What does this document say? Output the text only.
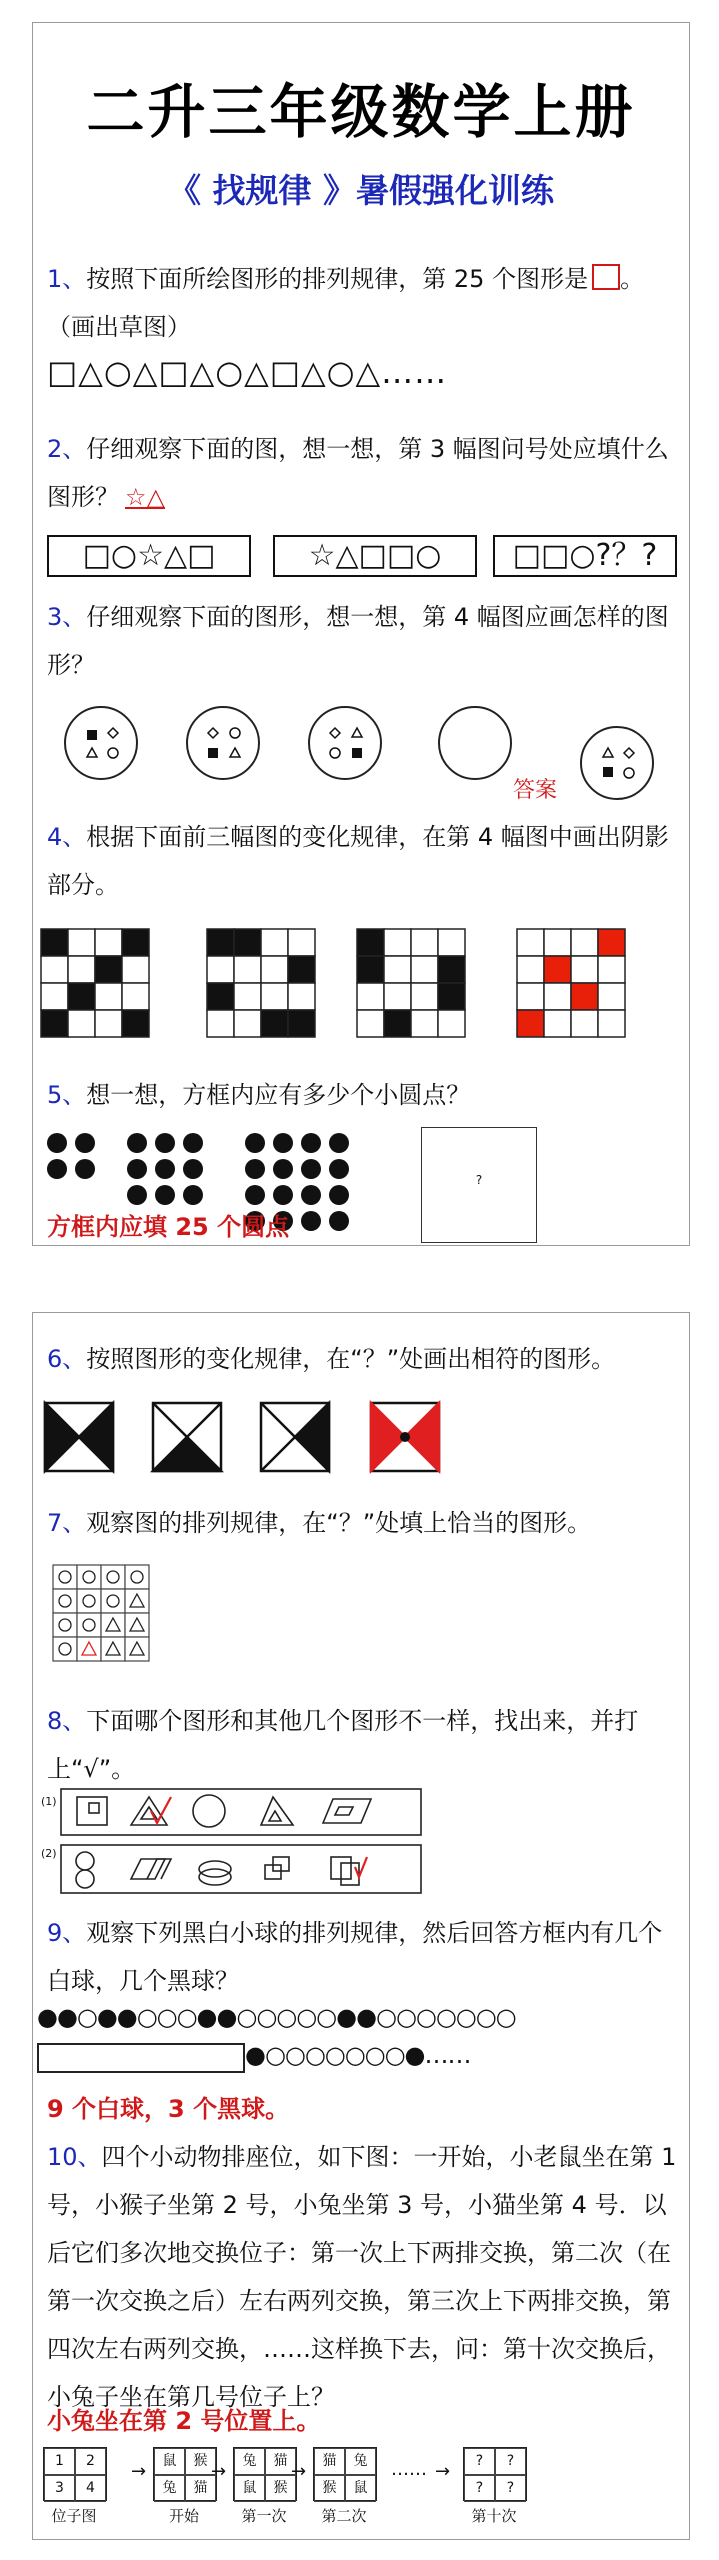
二升三年级数学上册
《 找规律 》暑假强化训练
1、按照下面所绘图形的排列规律，第 25 个图形是 。
（画出草图）
□△○△□△○△□△○△……
2、仔细观察下面的图，想一想，第 3 幅图问号处应填什么图形？ ☆△
□○☆△□	☆△□□○	□□○?？?
3、仔细观察下面的图形，想一想，第 4 幅图应画怎样的图形？
答案
4、根据下面前三幅图的变化规律，在第 4 幅图中画出阴影部分。
5、想一想，方框内应有多少个小圆点？
?
方框内应填 25 个圆点
6、按照图形的变化规律，在“？”处画出相符的图形。
7、观察图的排列规律，在“？”处填上恰当的图形。
8、下面哪个图形和其他几个图形不一样，找出来，并打上“√”。
(1)
(2)
9、观察下列黑白小球的排列规律，然后回答方框内有几个白球，几个黑球？
●●○●●○○○●●○○○○○●●○○○○○○○
●○○○○○○○●……
9 个白球，3 个黑球。
10、四个小动物排座位，如下图：一开始，小老鼠坐在第 1 号，小猴子坐第 2 号，小兔坐第 3 号，小猫坐第 4 号．以后它们多次地交换位子：第一次上下两排交换，第二次（在第一次交换之后）左右两列交换，第三次上下两排交换，第四次左右两列交换，……这样换下去，问：第十次交换后，小兔子坐在第几号位子上？
小兔坐在第 2 号位置上。
1	2
3	4
位子图
鼠	猴
兔	猫
开始
→	兔	猫
鼠	猴
第一次
→	猫	兔
猴	鼠
第二次
→	?	?
?	?
第十次
…… →
